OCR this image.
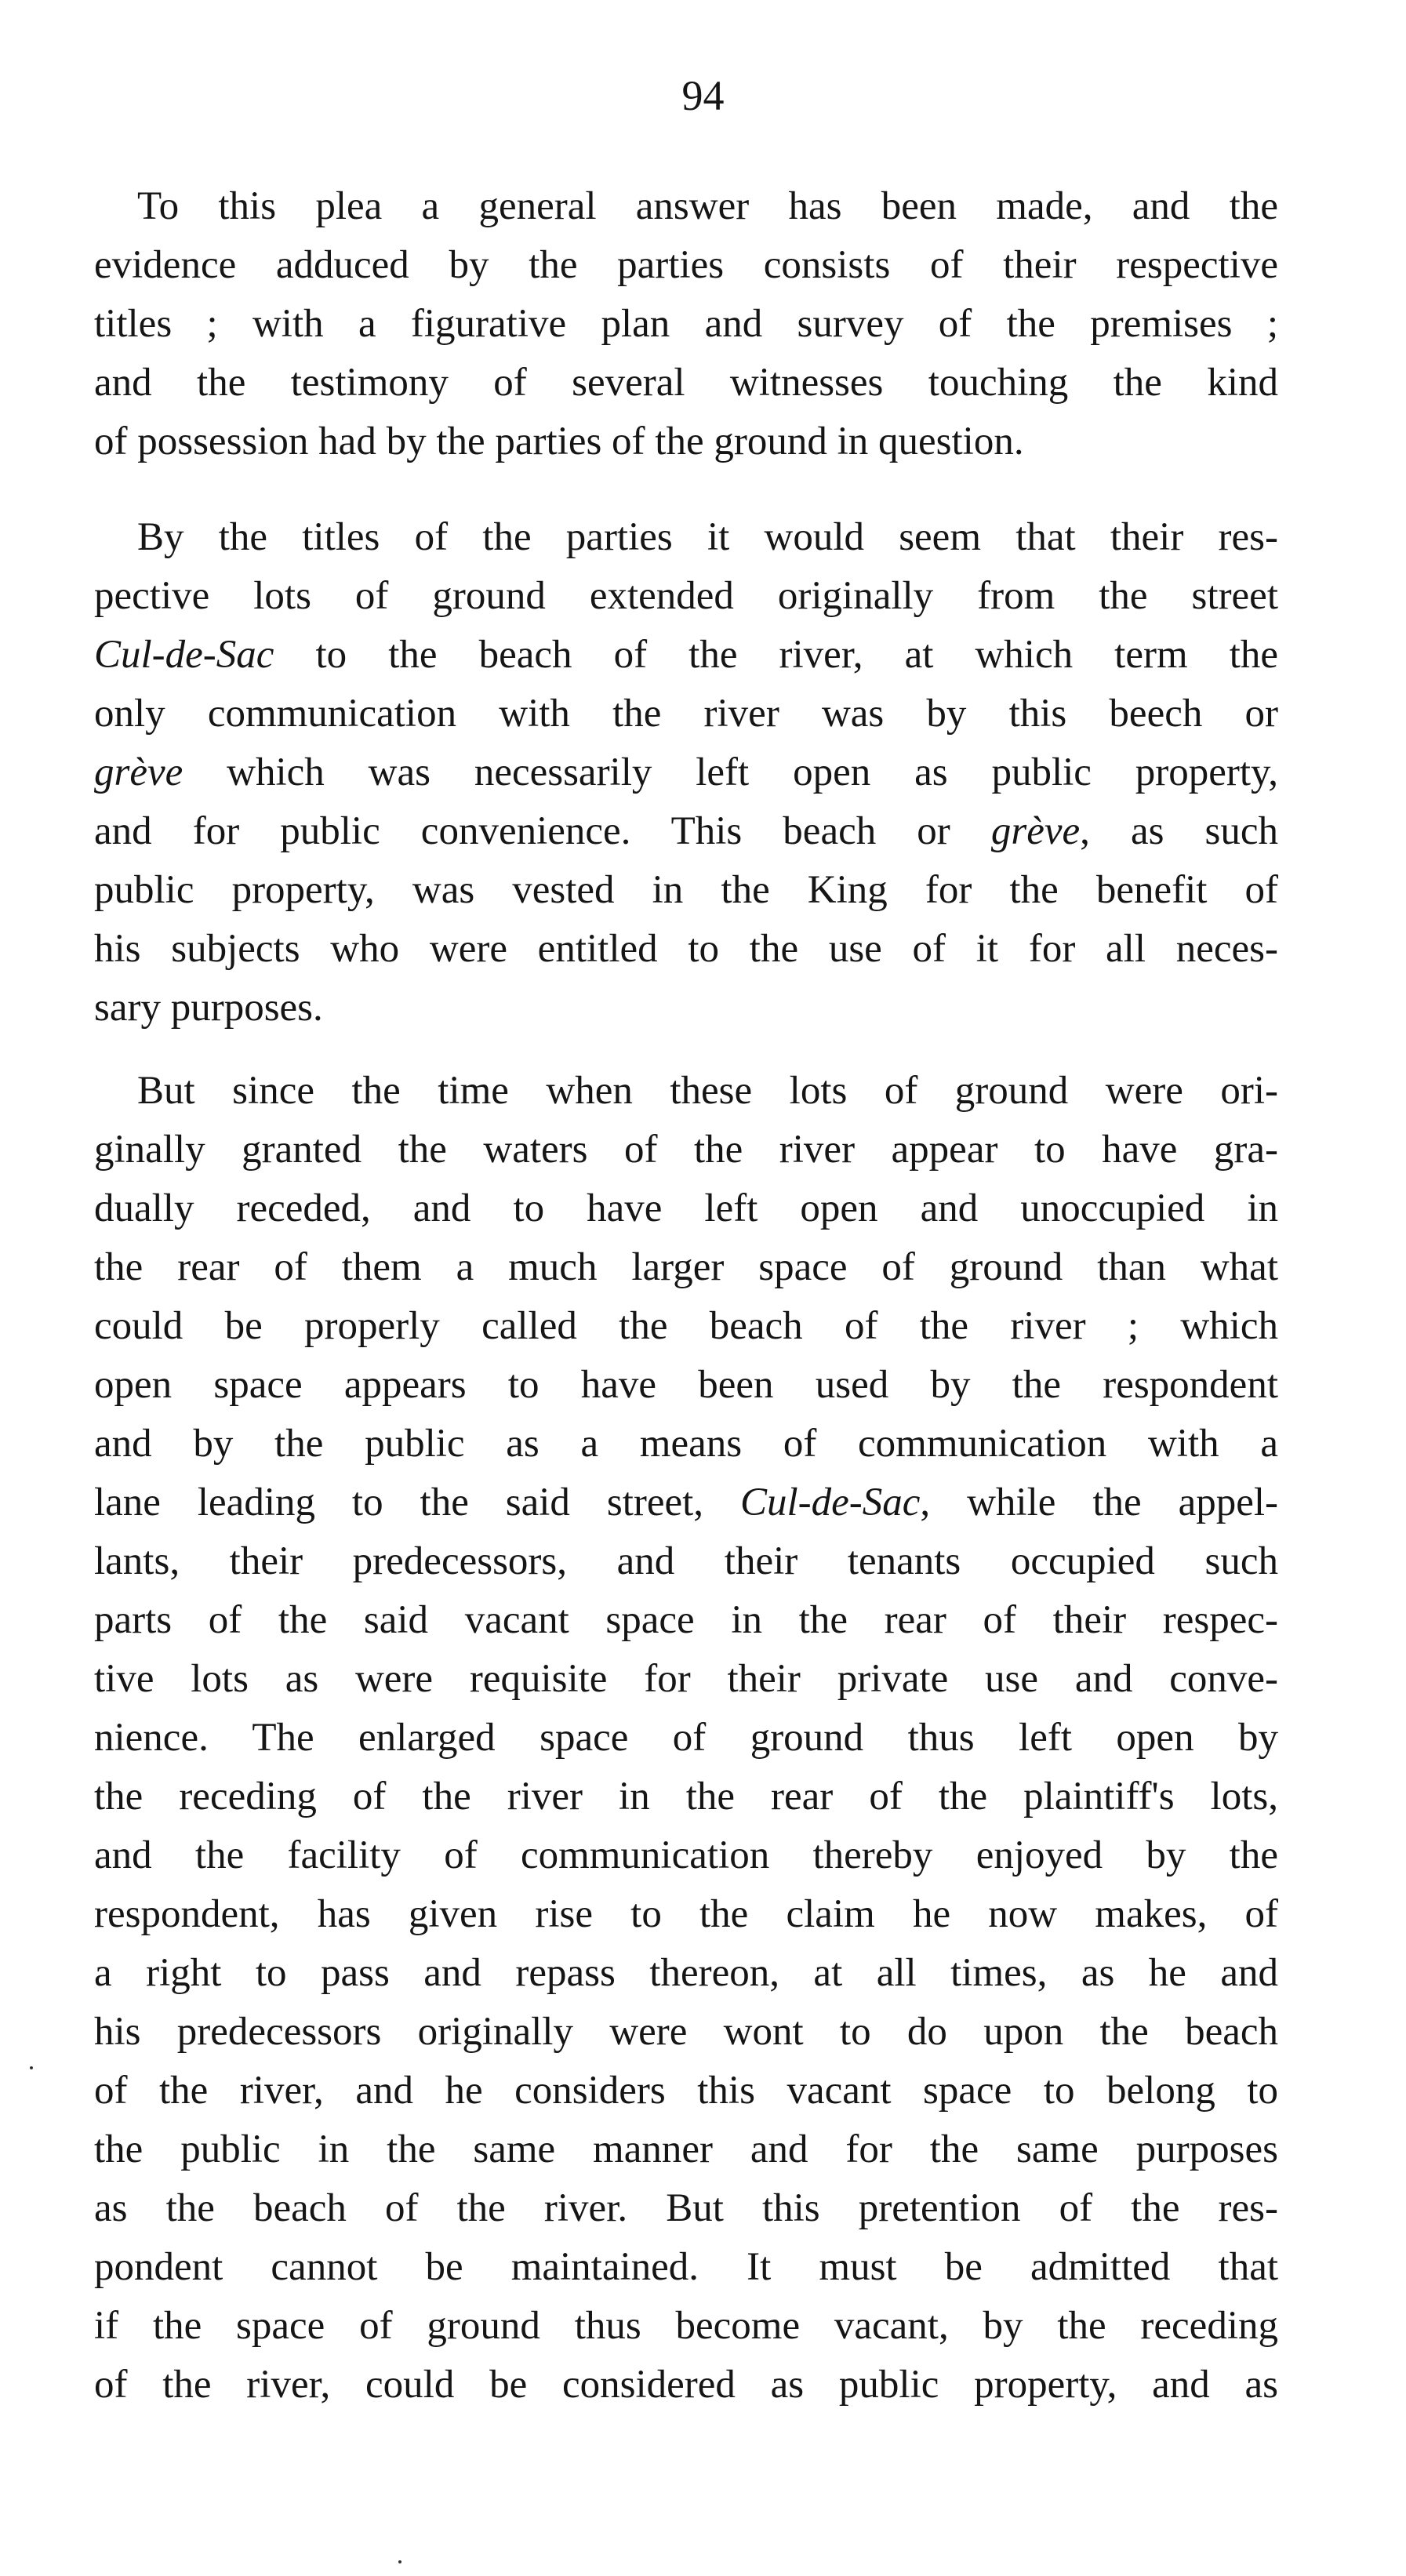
94
To this plea a general answer has been made, and the
evidence adduced by the parties consists of their respective
titles ; with a figurative plan and survey of the premises ;
and the testimony of several witnesses touching the kind
of possession had by the parties of the ground in question.
By the titles of the parties it would seem that their res-
pective lots of ground extended originally from the street
Cul-de-Sac to the beach of the river, at which term the
only communication with the river was by this beech or
grève which was necessarily left open as public property,
and for public convenience. This beach or grève, as such
public property, was vested in the King for the benefit of
his subjects who were entitled to the use of it for all neces-
sary purposes.
But since the time when these lots of ground were ori-
ginally granted the waters of the river appear to have gra-
dually receded, and to have left open and unoccupied in
the rear of them a much larger space of ground than what
could be properly called the beach of the river ; which
open space appears to have been used by the respondent
and by the public as a means of communication with a
lane leading to the said street, Cul-de-Sac, while the appel-
lants, their predecessors, and their tenants occupied such
parts of the said vacant space in the rear of their respec-
tive lots as were requisite for their private use and conve-
nience. The enlarged space of ground thus left open by
the receding of the river in the rear of the plaintiff's lots,
and the facility of communication thereby enjoyed by the
respondent, has given rise to the claim he now makes, of
a right to pass and repass thereon, at all times, as he and
his predecessors originally were wont to do upon the beach
of the river, and he considers this vacant space to belong to
the public in the same manner and for the same purposes
as the beach of the river. But this pretention of the res-
pondent cannot be maintained. It must be admitted that
if the space of ground thus become vacant, by the receding
of the river, could be considered as public property, and as
